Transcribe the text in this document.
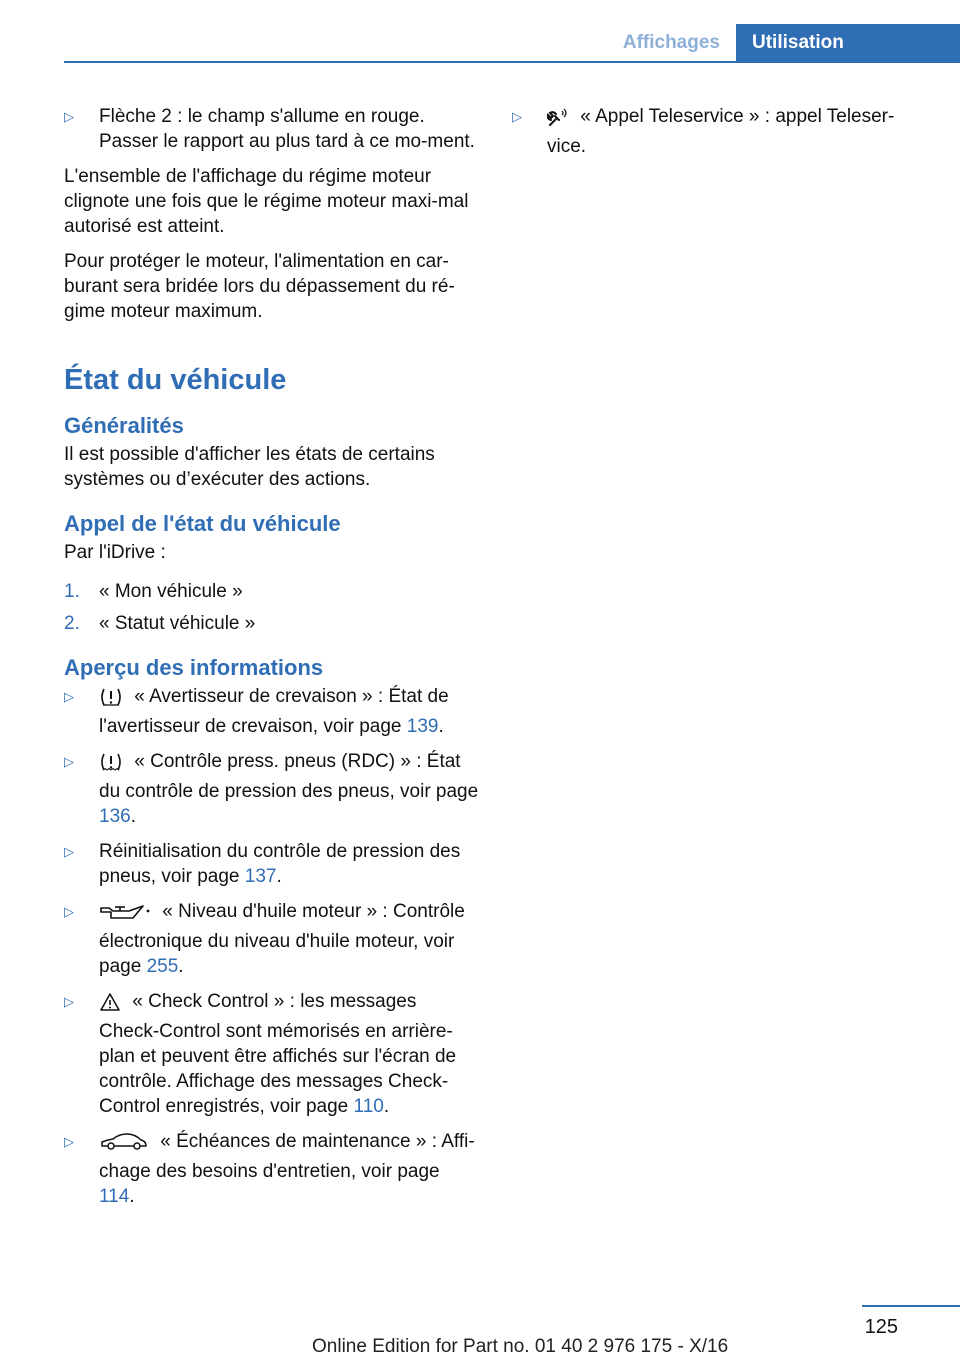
Affichages	Utilisation
▷ Flèche 2 : le champ s'allume en rouge. Passer le rapport au plus tard à ce mo‐ment.

L'ensemble de l'affichage du régime moteur clignote une fois que le régime moteur maxi‐mal autorisé est atteint.

Pour protéger le moteur, l'alimentation en car‐burant sera bridée lors du dépassement du ré‐gime moteur maximum.

État du véhicule
Généralités

Il est possible d'afficher les états de certains systèmes ou d’exécuter des actions.

Appel de l'état du véhicule

Par l'iDrive :

1. « Mon véhicule »
2. « Statut véhicule »
Aperçu des informations
▷	« Avertisseur de crevaison » : État de l'avertisseur de crevaison, voir page 139.
▷	« Contrôle press. pneus (RDC) » : État du contrôle de pression des pneus, voir page 136.
▷ Réinitialisation du contrôle de pression des pneus, voir page 137.
▷	« Niveau d'huile moteur » : Contrôle électronique du niveau d'huile moteur, voir page 255.
▷	« Check Control » : les messages Check-Control sont mémorisés en arrière-plan et peuvent être affichés sur l'écran de contrôle. Affichage des messages Check-Control enregistrés, voir page 110.
▷	« Échéances de maintenance » : Affi‐chage des besoins d'entretien, voir page 114.
▷	« Appel Teleservice » : appel Teleser‐vice.
125
Online Edition for Part no. 01 40 2 976 175 - X/16
